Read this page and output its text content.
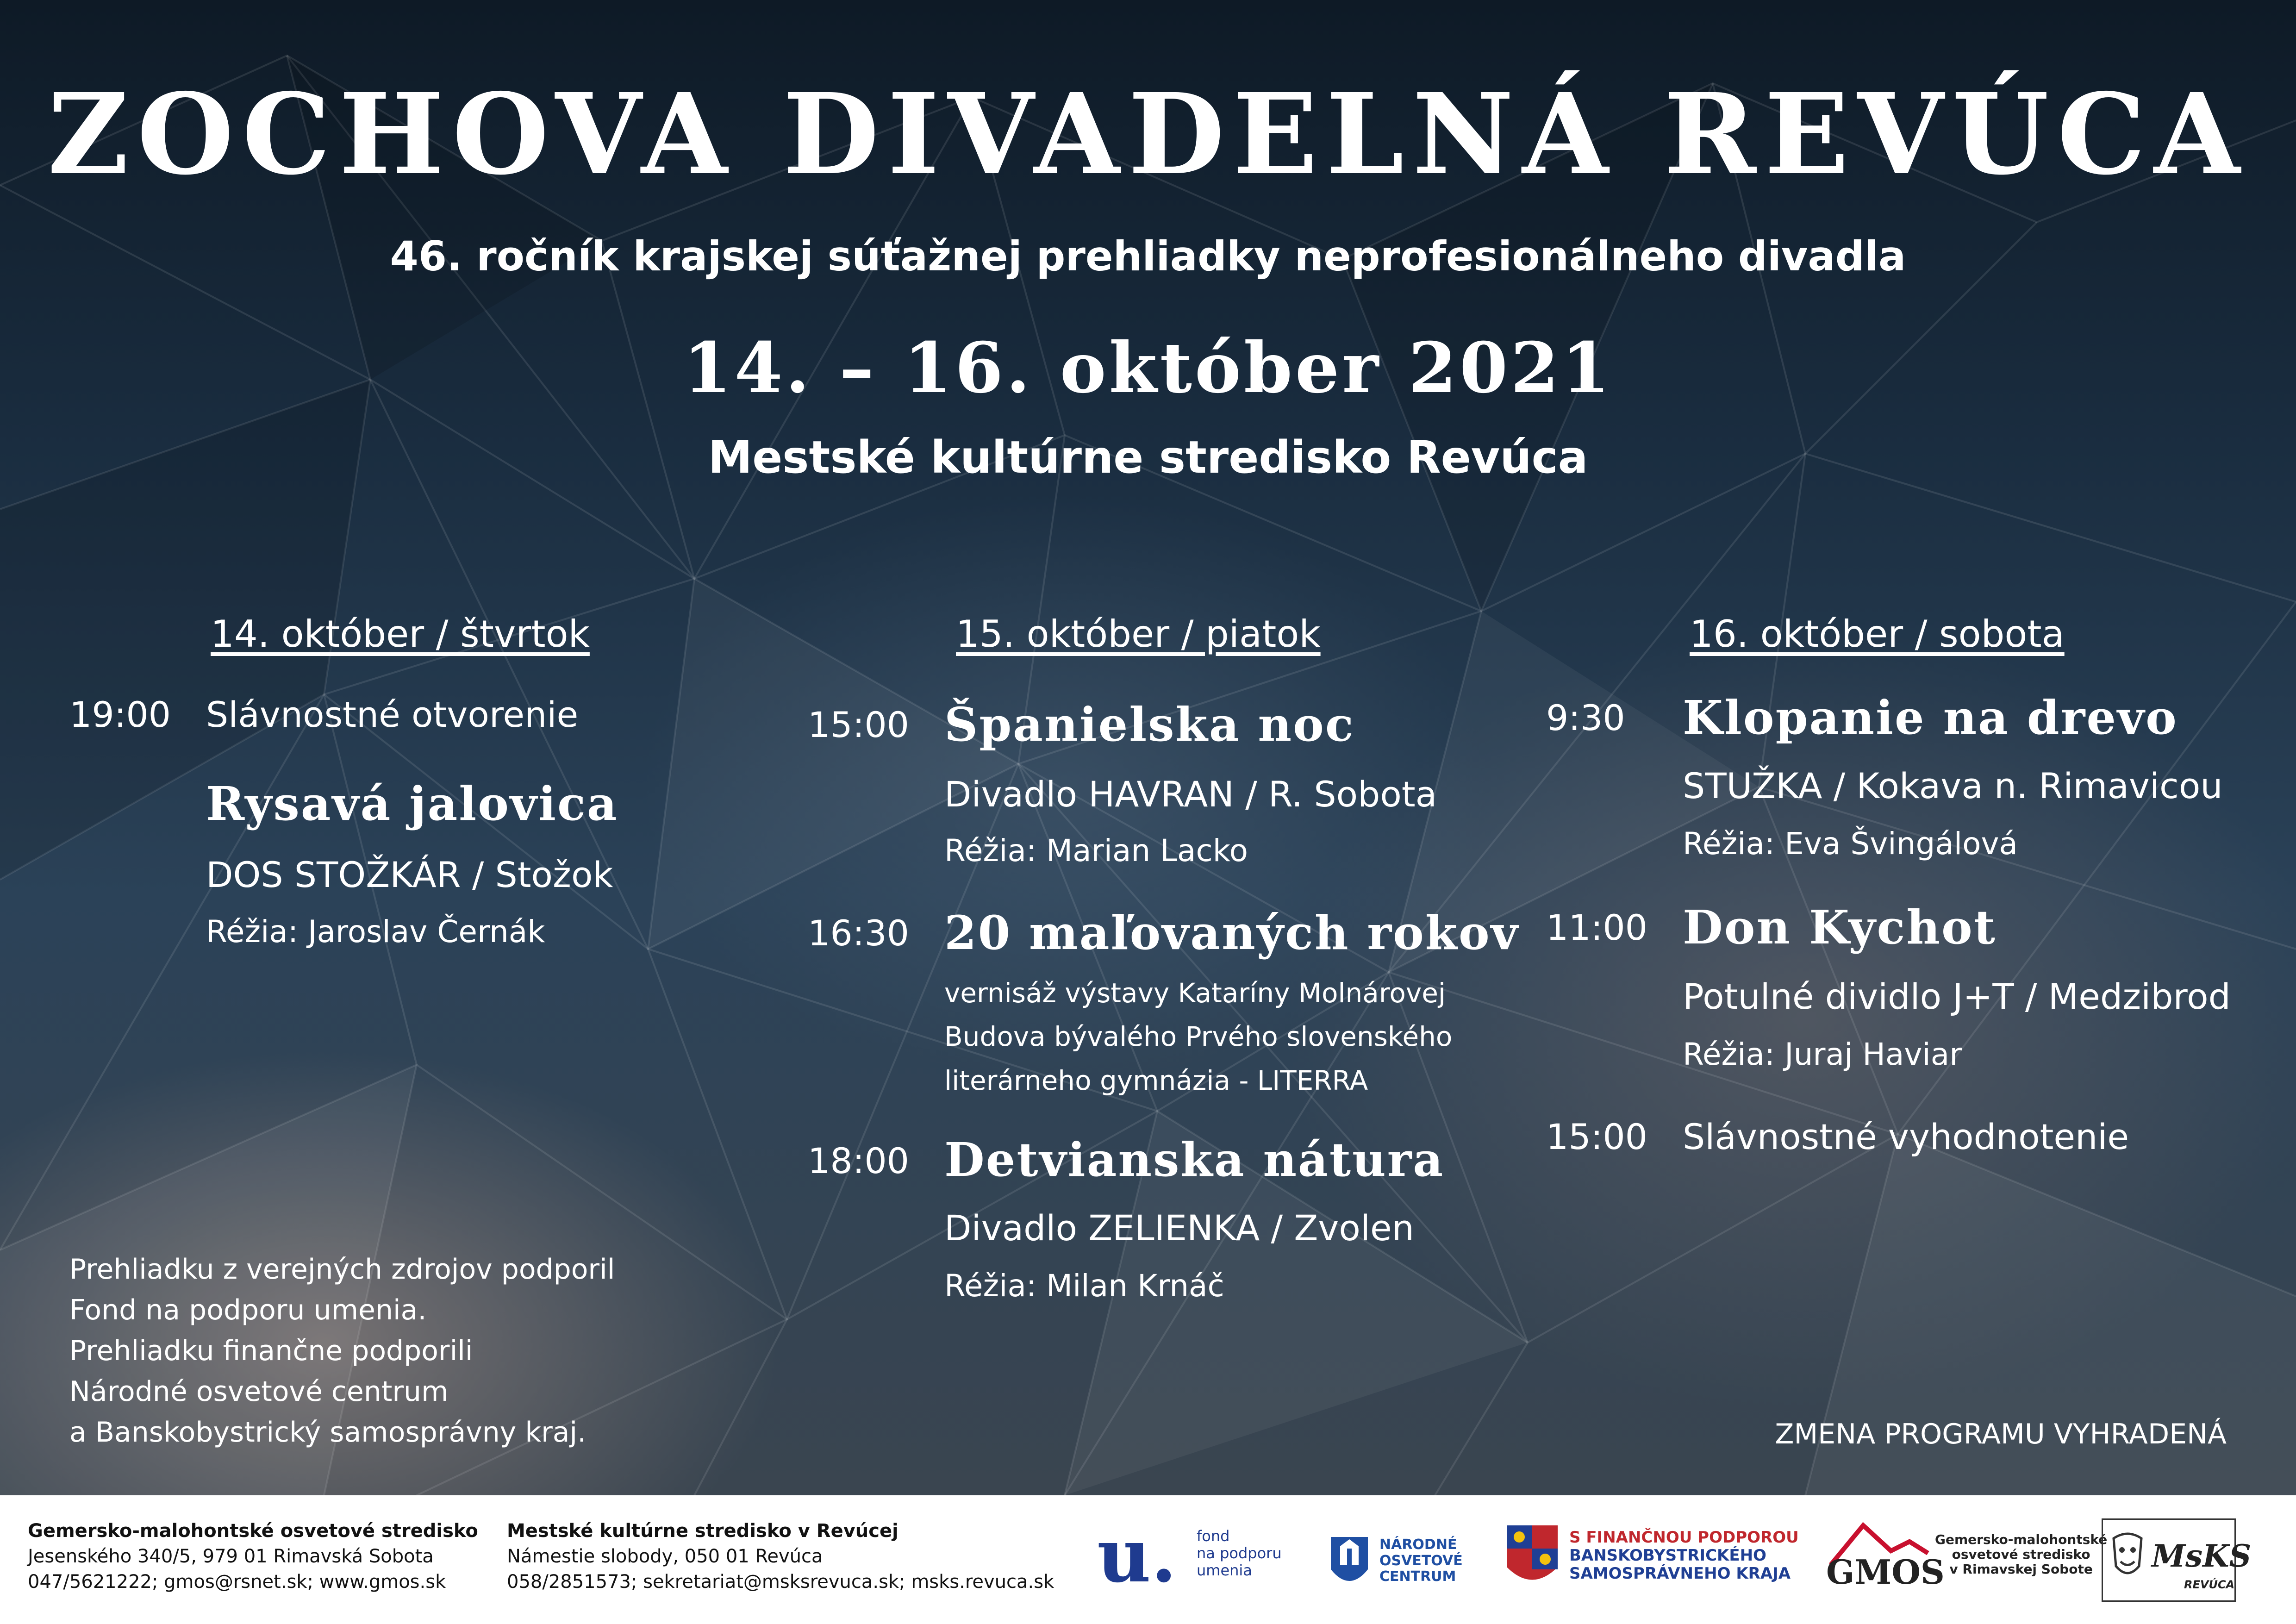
ZOCHOVA DIVADELNÁ REVÚCA
46. ročník krajskej súťažnej prehliadky neprofesionálneho divadla
14. – 16. október 2021
Mestské kultúrne stredisko Revúca
14. október / štvrtok
19:00 Slávnostné otvorenie
Rysavá jalovica
DOS STOŽKÁR / Stožok
Réžia: Jaroslav Černák
15. október / piatok
15:00 Španielska noc
Divadlo HAVRAN / R. Sobota
Réžia: Marian Lacko
16:30 20 maľovaných rokov
vernisáž výstavy Kataríny Molnárovej
Budova bývalého Prvého slovenského
literárneho gymnázia - LITERRA
18:00 Detvianska nátura
Divadlo ZELIENKA / Zvolen
Réžia: Milan Krnáč
16. október / sobota
9:30 Klopanie na drevo
STUŽKA / Kokava n. Rimavicou
Réžia: Eva Švingálová
11:00 Don Kychot
Potulné dividlo J+T / Medzibrod
Réžia: Juraj Haviar
15:00 Slávnostné vyhodnotenie
Prehliadku z verejných zdrojov podporil
Fond na podporu umenia.
Prehliadku finančne podporili
Národné osvetové centrum
a Banskobystrický samosprávny kraj.	ZMENA PROGRAMU VYHRADENÁ
Gemersko-malohontské osvetové stredisko
Jesenského 340/5, 979 01 Rimavská Sobota
047/5621222; gmos@rsnet.sk; www.gmos.sk
Mestské kultúrne stredisko v Revúcej
Námestie slobody, 050 01 Revúca
058/2851573; sekretariat@msksrevuca.sk; msks.revuca.sk u. fond
na podporu
umenia
NÁRODNÉ
OSVETOVÉ
CENTRUM
S FINANČNOU PODPOROU
BANSKOBYSTRICKÉHO
SAMOSPRÁVNEHO KRAJA GMOS
Gemersko-malohontské
osvetové stredisko
v Rimavskej Sobote	MsKS
REVÚCA
